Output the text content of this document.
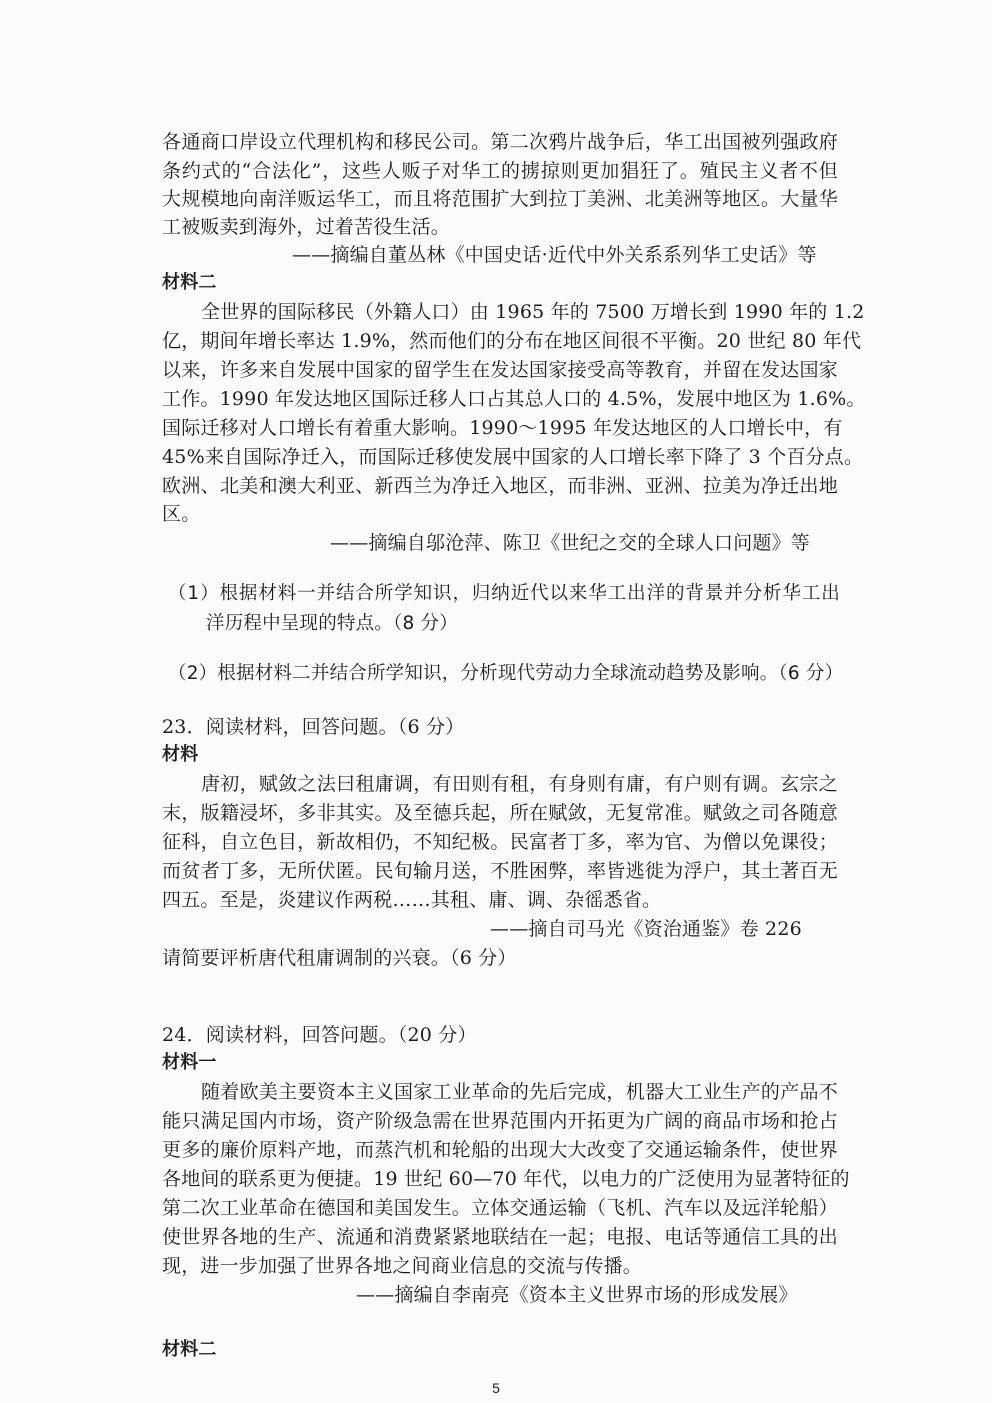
各通商口岸设立代理机构和移民公司。第二次鸦片战争后，华工出国被列强政府
条约式的“合法化”，这些人贩子对华工的掳掠则更加猖狂了。殖民主义者不但
大规模地向南洋贩运华工，而且将范围扩大到拉丁美洲、北美洲等地区。大量华
工被贩卖到海外，过着苦役生活。
——摘编自董丛林《中国史话·近代中外关系系列华工史话》等
材料二
全世界的国际移民（外籍人口）由 1965 年的 7500 万增长到 1990 年的 1.2
亿，期间年增长率达 1.9%，然而他们的分布在地区间很不平衡。20 世纪 80 年代
以来，许多来自发展中国家的留学生在发达国家接受高等教育，并留在发达国家
工作。1990 年发达地区国际迁移人口占其总人口的 4.5%，发展中地区为 1.6%。
国际迁移对人口增长有着重大影响。1990～1995 年发达地区的人口增长中，有
45%来自国际净迁入，而国际迁移使发展中国家的人口增长率下降了 3 个百分点。
欧洲、北美和澳大利亚、新西兰为净迁入地区，而非洲、亚洲、拉美为净迁出地
区。
——摘编自邬沧萍、陈卫《世纪之交的全球人口问题》等
（1）根据材料一并结合所学知识，归纳近代以来华工出洋的背景并分析华工出
洋历程中呈现的特点。（8 分）
（2）根据材料二并结合所学知识，分析现代劳动力全球流动趋势及影响。（6 分）
23．阅读材料，回答问题。（6 分）
材料
唐初，赋敛之法曰租庸调，有田则有租，有身则有庸，有户则有调。玄宗之
末，版籍浸坏，多非其实。及至德兵起，所在赋敛，无复常准。赋敛之司各随意
征科，自立色目，新故相仍，不知纪极。民富者丁多，率为官、为僧以免课役；
而贫者丁多，无所伏匿。民旬输月送，不胜困弊，率皆逃徙为浮户，其土著百无
四五。至是，炎建议作两税……其租、庸、调、杂徭悉省。
——摘自司马光《资治通鉴》卷 226
请简要评析唐代租庸调制的兴衰。（6 分）
24．阅读材料，回答问题。（20 分）
材料一
随着欧美主要资本主义国家工业革命的先后完成，机器大工业生产的产品不
能只满足国内市场，资产阶级急需在世界范围内开拓更为广阔的商品市场和抢占
更多的廉价原料产地，而蒸汽机和轮船的出现大大改变了交通运输条件，使世界
各地间的联系更为便捷。19 世纪 60—70 年代，以电力的广泛使用为显著特征的
第二次工业革命在德国和美国发生。立体交通运输（飞机、汽车以及远洋轮船）
使世界各地的生产、流通和消费紧紧地联结在一起；电报、电话等通信工具的出
现，进一步加强了世界各地之间商业信息的交流与传播。
——摘编自李南亮《资本主义世界市场的形成发展》
材料二
5
